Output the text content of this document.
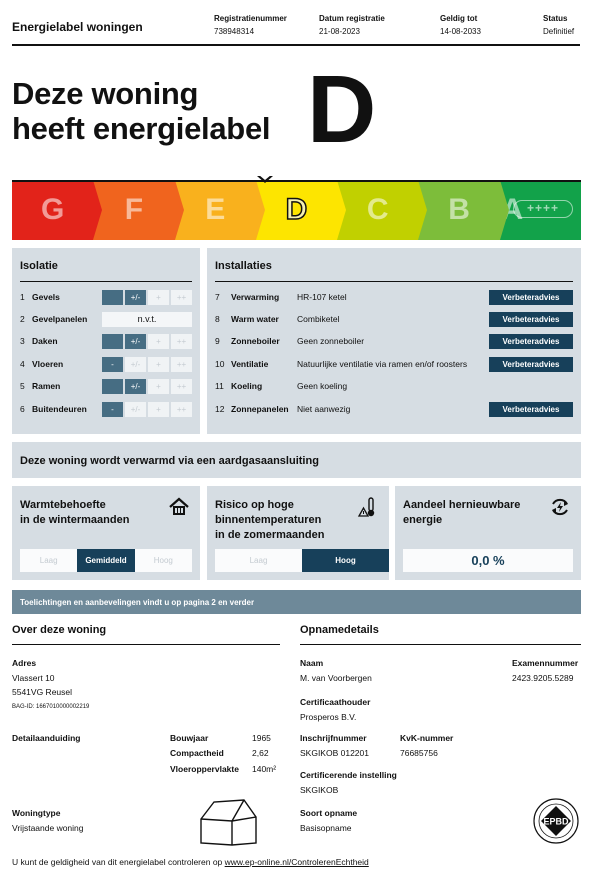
Energielabel woningen
Registratienummer
738948314
Datum registratie
21-08-2023
Geldig tot
14-08-2033
Status
Definitief
Deze woning
heeft energielabel D
G F E D C B A ++++
Isolatie
1 Gevels	+/-	+	++
2 Gevelpanelen	n.v.t.
3 Daken	+/-	+	++
4 Vloeren	-	+/-	+	++
5 Ramen	+/-	+	++
6 Buitendeuren	-	+/-	+	++
Installaties
7	Verwarming	HR-107 ketel	Verbeteradvies
8	Warm water	Combiketel	Verbeteradvies
9	Zonneboiler	Geen zonneboiler	Verbeteradvies
10 Ventilatie	Natuurlijke ventilatie via ramen en/of roosters	Verbeteradvies
11 Koeling	Geen koeling
12 Zonnepanelen Niet aanwezig	Verbeteradvies
Deze woning wordt verwarmd via een aardgasaansluiting
Warmtebehoefte
in de wintermaanden
Laag	Gemiddeld	Hoog
Risico op hoge
binnentemperaturen
in de zomermaanden
Laag	Hoog
Aandeel hernieuwbare
energie
0,0 %
Toelichtingen en aanbevelingen vindt u op pagina 2 en verder
Over deze woning
Adres
Vlassert 10
5541VG Reusel
BAG-ID: 1667010000002219
Detailaanduiding	Bouwjaar	1965
Compactheid	2,62
Vloeroppervlakte 140m²
Woningtype
Vrijstaande woning
Opnamedetails
Naam
M. van Voorbergen
Examennummer
2423.9205.5289
Certificaathouder
Prosperos B.V.
Inschrijfnummer
SKGIKOB 012201
KvK-nummer
76685756
Certificerende instelling
SKGIKOB
Soort opname
Basisopname
EPBD
U kunt de geldigheid van dit energielabel controleren op www.ep-online.nl/ControlerenEchtheid
